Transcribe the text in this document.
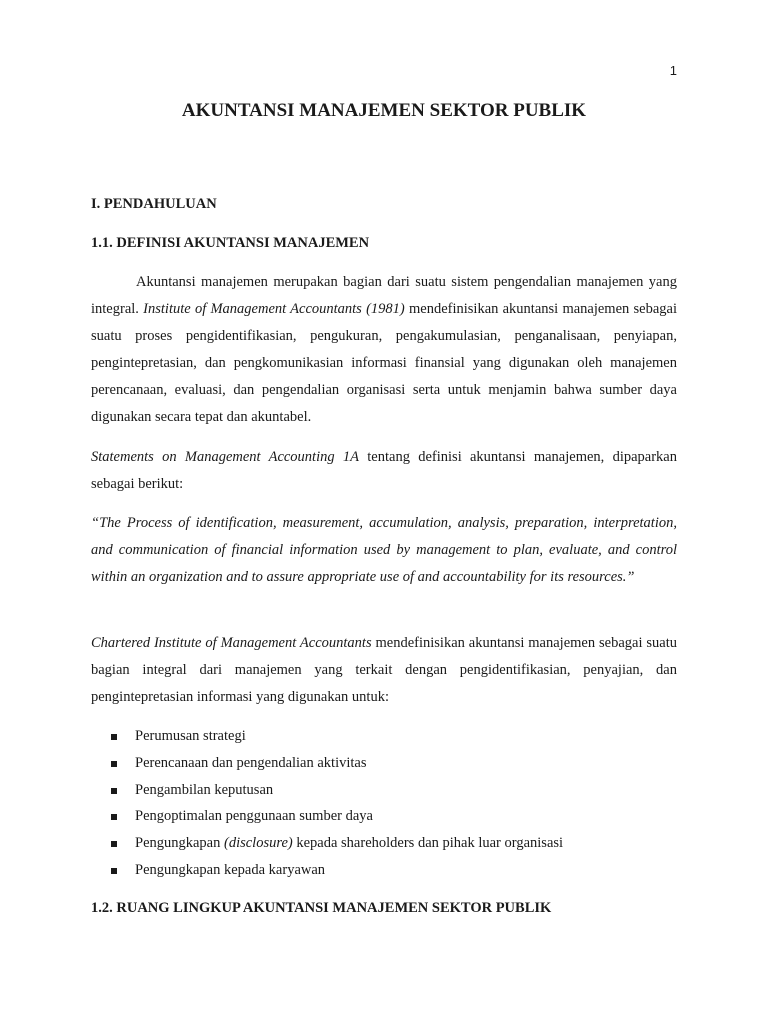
1
AKUNTANSI MANAJEMEN SEKTOR PUBLIK
I. PENDAHULUAN
1.1. DEFINISI AKUNTANSI MANAJEMEN

Akuntansi manajemen merupakan bagian dari suatu sistem pengendalian manajemen yang integral. Institute of Management Accountants (1981) mendefinisikan akuntansi manajemen sebagai suatu proses pengidentifikasian, pengukuran, pengakumulasian, penganalisaan, penyiapan, pengintepretasian, dan pengkomunikasian informasi finansial yang digunakan oleh manajemen perencanaan, evaluasi, dan pengendalian organisasi serta untuk menjamin bahwa sumber daya digunakan secara tepat dan akuntabel.

Statements on Management Accounting 1A tentang definisi akuntansi manajemen, dipaparkan sebagai berikut:

“The Process of identification, measurement, accumulation, analysis, preparation, interpretation, and communication of financial information used by management to plan, evaluate, and control within an organization and to assure appropriate use of and accountability for its resources.”

Chartered Institute of Management Accountants mendefinisikan akuntansi manajemen sebagai suatu bagian integral dari manajemen yang terkait dengan pengidentifikasian, penyajian, dan pengintepretasian informasi yang digunakan untuk:

Perumusan strategi
Perencanaan dan pengendalian aktivitas
Pengambilan keputusan
Pengoptimalan penggunaan sumber daya
Pengungkapan (disclosure) kepada shareholders dan pihak luar organisasi
Pengungkapan kepada karyawan
1.2. RUANG LINGKUP AKUNTANSI MANAJEMEN SEKTOR PUBLIK
